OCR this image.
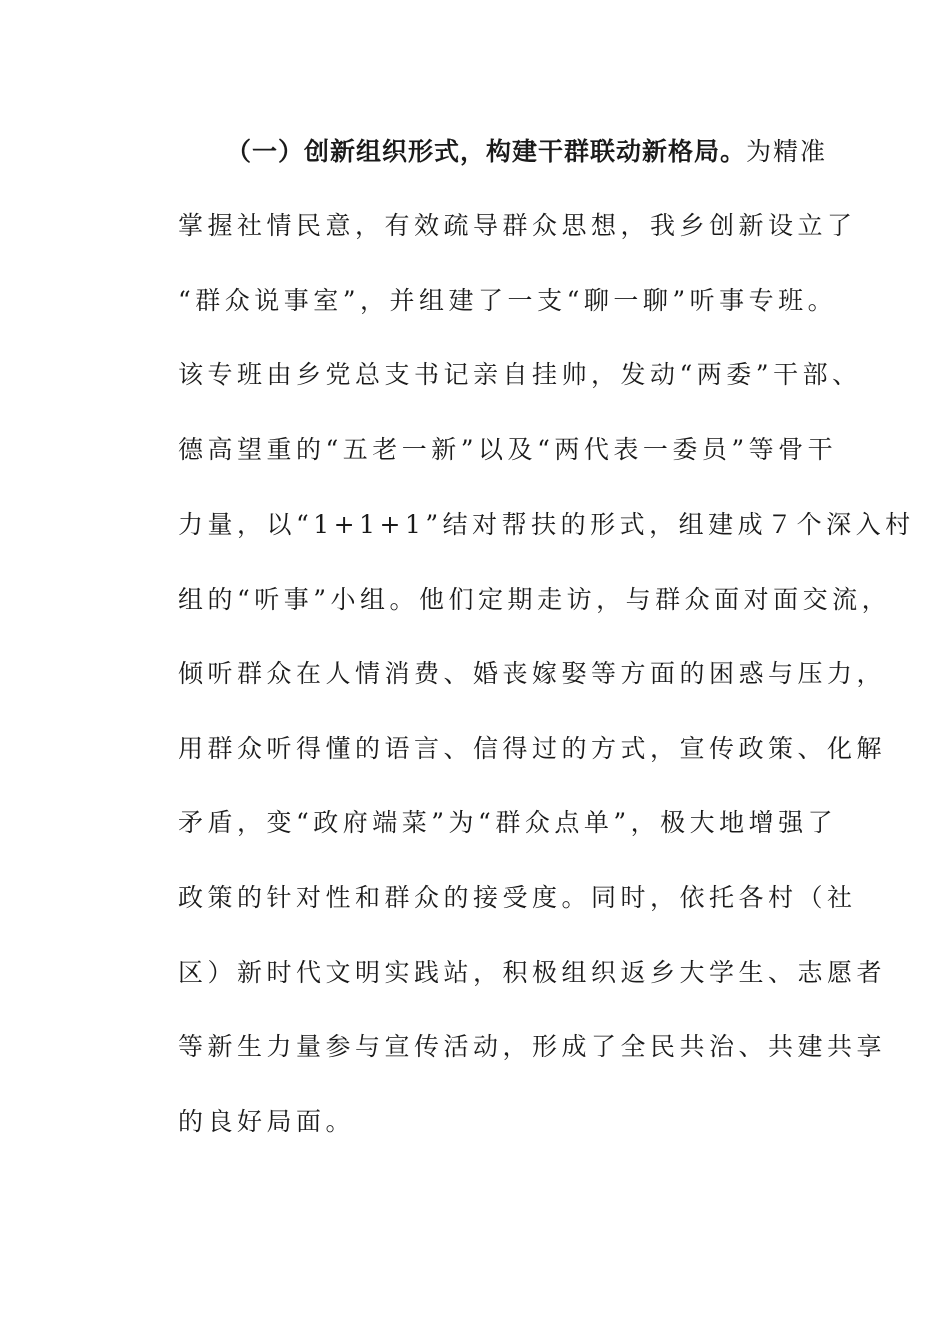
（一）创新组织形式，构建干群联动新格局。为精准
掌握社情民意，有效疏导群众思想，我乡创新设立了
“群众说事室”，并组建了一支“聊一聊”听事专班。
该专班由乡党总支书记亲自挂帅，发动“两委”干部、
德高望重的“五老一新”以及“两代表一委员”等骨干
力量，以“1+1+1”结对帮扶的形式，组建成７个深入村
组的“听事”小组。他们定期走访，与群众面对面交流，
倾听群众在人情消费、婚丧嫁娶等方面的困惑与压力，
用群众听得懂的语言、信得过的方式，宣传政策、化解
矛盾，变“政府端菜”为“群众点单”，极大地增强了
政策的针对性和群众的接受度。同时，依托各村（社
区）新时代文明实践站，积极组织返乡大学生、志愿者
等新生力量参与宣传活动，形成了全民共治、共建共享
的良好局面。
